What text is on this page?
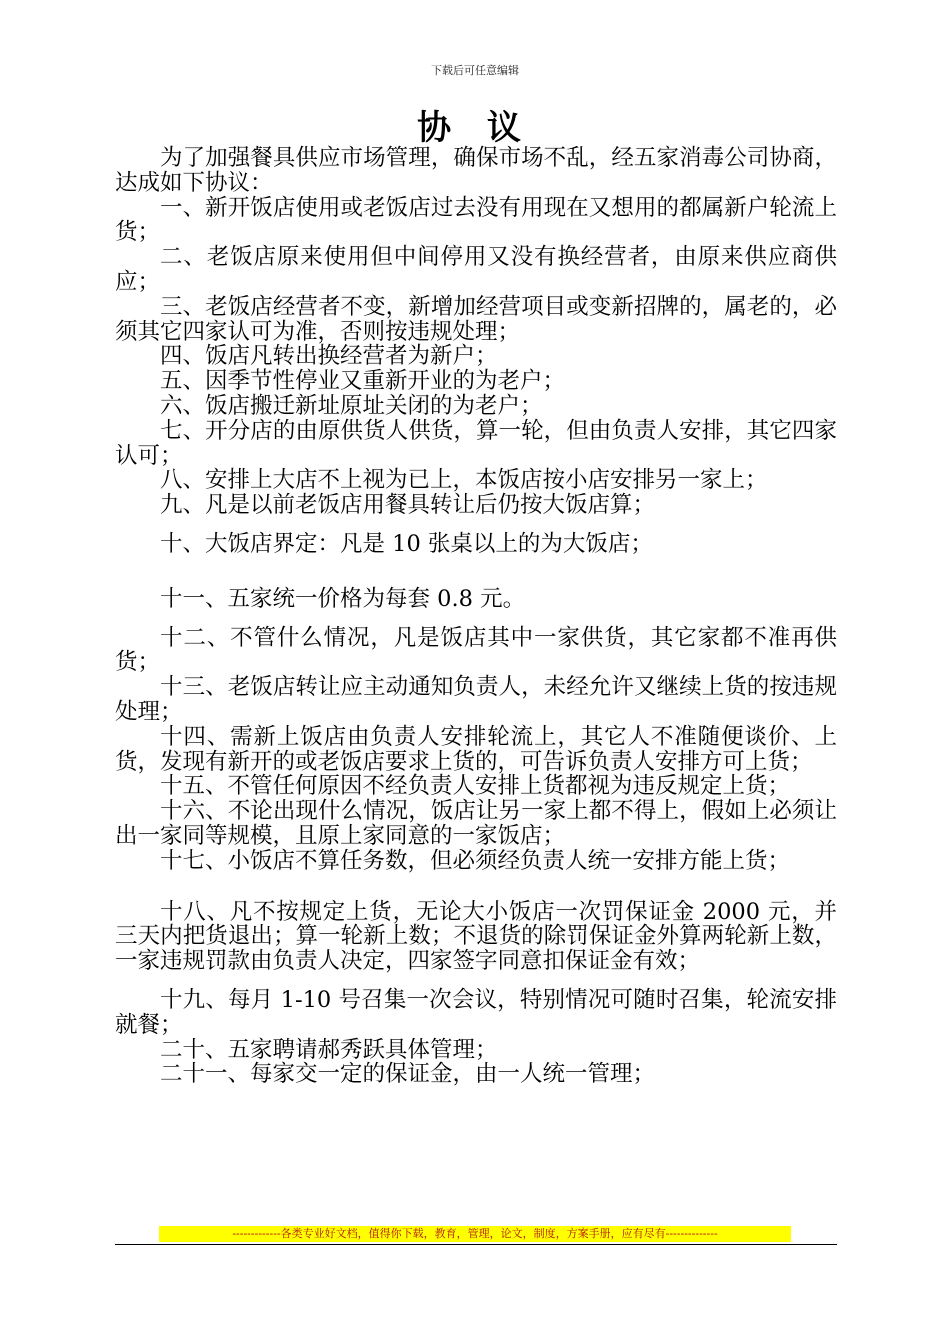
下载后可任意编辑
协 议

为了加强餐具供应市场管理，确保市场不乱，经五家消毒公司协商，达成如下协议：

一、新开饭店使用或老饭店过去没有用现在又想用的都属新户轮流上货；

二、老饭店原来使用但中间停用又没有换经营者，由原来供应商供应；

三、老饭店经营者不变，新增加经营项目或变新招牌的，属老的，必须其它四家认可为准，否则按违规处理；

四、饭店凡转出换经营者为新户；

五、因季节性停业又重新开业的为老户；

六、饭店搬迁新址原址关闭的为老户；

七、开分店的由原供货人供货，算一轮，但由负责人安排，其它四家认可；

八、安排上大店不上视为已上，本饭店按小店安排另一家上；

九、凡是以前老饭店用餐具转让后仍按大饭店算；

十、大饭店界定：凡是 10 张桌以上的为大饭店；

十一、五家统一价格为每套 0.8 元。

十二、不管什么情况，凡是饭店其中一家供货，其它家都不准再供货；

十三、老饭店转让应主动通知负责人，未经允许又继续上货的按违规处理；

十四、需新上饭店由负责人安排轮流上，其它人不准随便谈价、上货，发现有新开的或老饭店要求上货的，可告诉负责人安排方可上货；

十五、不管任何原因不经负责人安排上货都视为违反规定上货；

十六、不论出现什么情况，饭店让另一家上都不得上，假如上必须让出一家同等规模，且原上家同意的一家饭店；

十七、小饭店不算任务数，但必须经负责人统一安排方能上货；

十八、凡不按规定上货，无论大小饭店一次罚保证金 2000 元，并三天内把货退出；算一轮新上数；不退货的除罚保证金外算两轮新上数，一家违规罚款由负责人决定，四家签字同意扣保证金有效；

十九、每月 1-10 号召集一次会议，特别情况可随时召集，轮流安排就餐；

二十、五家聘请郝秀跃具体管理；

二十一、每家交一定的保证金，由一人统一管理；

-------------各类专业好文档，值得你下载，教育，管理，论文，制度，方案手册，应有尽有--------------
